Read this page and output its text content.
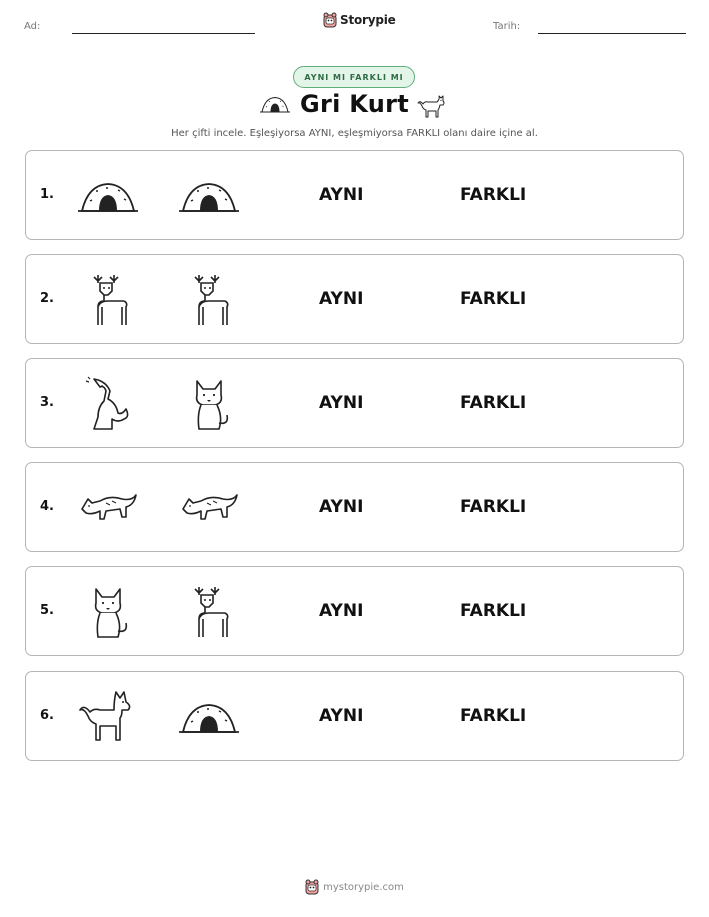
Ad:	Storypie	Tarih:
AYNI MI FARKLI MI
Gri Kurt
Her çifti incele. Eşleşiyorsa AYNI, eşleşmiyorsa FARKLI olanı daire içine al.
1.	AYNI	FARKLI
2.	AYNI	FARKLI
3.	AYNI	FARKLI
4.	AYNI	FARKLI
5.	AYNI	FARKLI
6.	AYNI	FARKLI
mystorypie.com
